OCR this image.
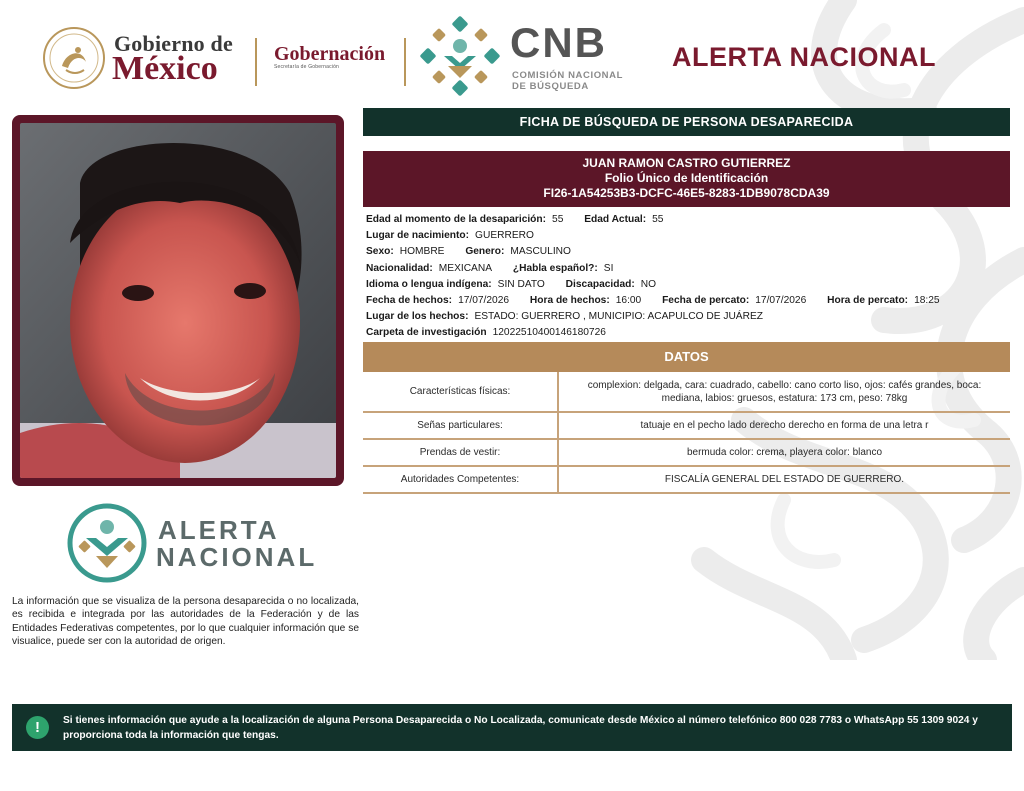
Gobierno de
México	Gobernación
Secretaría de Gobernación
CNB
COMISIÓN NACIONAL
DE BÚSQUEDA
ALERTA NACIONAL
FICHA DE BÚSQUEDA DE PERSONA DESAPARECIDA
JUAN RAMON CASTRO GUTIERREZ
Folio Único de Identificación
FI26-1A54253B3-DCFC-46E5-8283-1DB9078CDA39
Edad al momento de la desaparición: 55 Edad Actual: 55
Lugar de nacimiento: GUERRERO
Sexo: HOMBRE Genero: MASCULINO
Nacionalidad: MEXICANA ¿Habla español?: SI
Idioma o lengua indígena: SIN DATO Discapacidad: NO
Fecha de hechos: 17/07/2026 Hora de hechos: 16:00 Fecha de percato: 17/07/2026 Hora de percato: 18:25
Lugar de los hechos: ESTADO: GUERRERO , MUNICIPIO: ACAPULCO DE JUÁREZ
Carpeta de investigación 12022510400146180726
DATOS
Características físicas:	complexion: delgada, cara: cuadrado, cabello: cano corto liso, ojos: cafés grandes, boca: mediana, labios: gruesos, estatura: 173 cm, peso: 78kg
Señas particulares:	tatuaje en el pecho lado derecho derecho en forma de una letra r
Prendas de vestir:	bermuda color: crema, playera color: blanco
Autoridades Competentes:	FISCALÍA GENERAL DEL ESTADO DE GUERRERO.
ALERTA
NACIONAL
La información que se visualiza de la persona desaparecida o no localizada, es recibida e integrada por las autoridades de la Federación y de las Entidades Federativas competentes, por lo que cualquier información que se visualice, puede ser con la autoridad de origen.
!	Si tienes información que ayude a la localización de alguna Persona Desaparecida o No Localizada, comunicate desde México al número telefónico 800 028 7783 o WhatsApp 55 1309 9024 y proporciona toda la información que tengas.
